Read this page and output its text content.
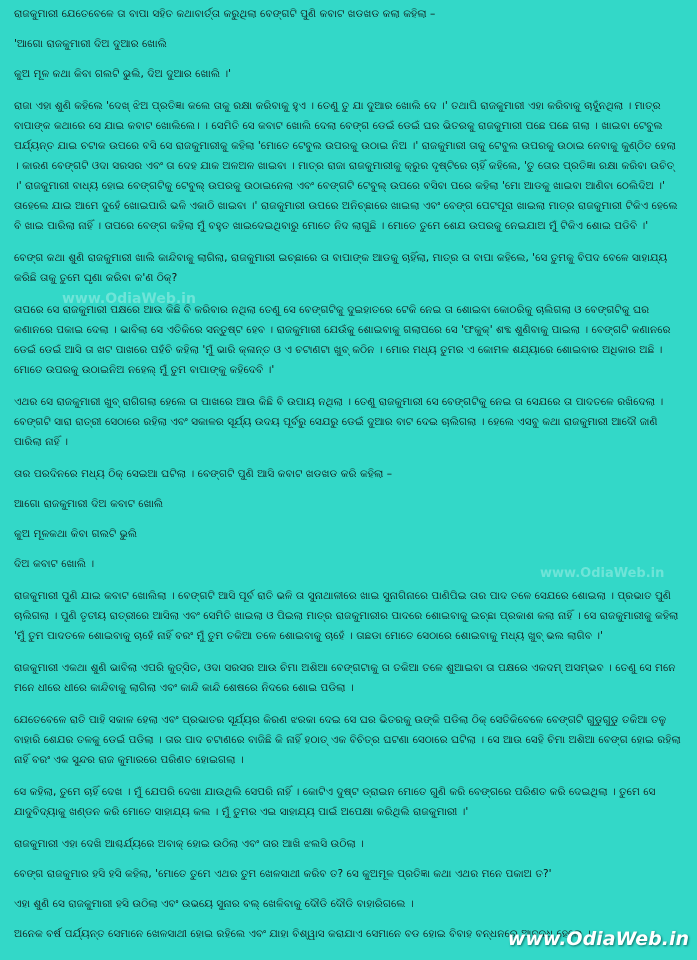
ରାଜକୁମାରୀ ଯେତେବେଳେ ତା ବାପା ସହିତ କଥାବାର୍ତ୍ତା କରୁଥିଲା ବେଙ୍ଗଟି ପୁଣି କବାଟ ଖଡଖଡ କଲା କହିଲା –

'ଆଗୋ ରାଜକୁମାରୀ ଦିଅ ଦୁଆର ଖୋଲି

କୁଅ ମୂଳ କଥା କିବା ଗଲଟି ଭୁଲି, ଦିଅ ଦୁଆର ଖୋଲି ।'

ରାଜା ଏହା ଶୁଣି କହିଲେ 'ଦେଖ୍ ଝିଅ ପ୍ରତିଜ୍ଞା କଲେ ତାକୁ ରକ୍ଷା କରିବାକୁ ହୁଏ । ତେଣୁ ତୁ ଯା ଦୁଆର ଖୋଲି ଦେ ।' ତଥାପି ରାଜକୁମାରୀ ଏହା କରିବାକୁ ଚାହୁଁନଥିଲା । ମାତ୍ର ବାପାଙ୍କ କଥାରେ ସେ ଯାଇ କବାଟ ଖୋଲିଲେ। । ସେମିତି ସେ କବାଟ ଖୋଲି ଦେଲା ବେଙ୍ଗ ଡେଇଁ ଡେଇଁ ଘର ଭିତରକୁ ରାଜକୁମାରୀ ପଛେ ପଛେ ଗଲା । ଖାଇବା ଟେବୁଲ ପର୍ଯ୍ୟନ୍ତ ଯାଇ ଚଟାକ ଉପରେ ବସି ସେ ରାଜକୁମାରୀକୁ କହିଲା 'ମୋତେ ଟେବୁଲ ଉପରକୁ ଉଠାଇ ନିଅ ।' ରାଜକୁମାରୀ ତାକୁ ଟେବୁଲ ଉପରକୁ ଉଠାଇ ନେବାକୁ କୁଣ୍ଠିତ ହେଲା । କାରଣ ବେଙ୍ଗଟି ଓଦା ସରସର ଏବଂ ତା ଦେହ ଯାକ ଅଳଅଳ ଖାଇବା । ମାତ୍ର ରାଜା ରାଜକୁମାରୀକୁ କ୍ରୁର ଦୃଷ୍ଟିରେ ଚାହିଁ କହିଲେ, 'ତୁ ତୋର ପ୍ରତିଜ୍ଞା ରକ୍ଷା କରିବା ଉଚିତ୍ ।' ରାଜକୁମାରୀ ବାଧ୍ୟ ହୋଇ ବେଙ୍ଗଟିକୁ ଟେବୁଲ୍ ଉପରକୁ ଉଠାଇନେଲା ଏବଂ ବେଙ୍ଗଟି ଟେବୁଲ୍ ଉପରେ ବସିବା ପରେ କହିଲା 'ମୋ ଆଡକୁ ଖାଇବା ଆଣିବା ଠେଲିଦିଅ ।' ତାହେଲେ ଯାଇ ଆମେ ଦୁହେଁ ଖୋଇପାରି ଭଳି ଏକାଠି ଖାଇବା ।' ରାଜକୁମାରୀ ଉପରେ ଅନିଚ୍ଛାରେ ଖାଇଲା ଏବଂ ବେଙ୍ଗ ପେଟପୂରା ଖାଇଲା ମାତ୍ର ରାଜକୁମାରୀ ଟିକିଏ ହେଲେ ବି ଖାଇ ପାରିଲା ନାହିଁ । ତାପରେ ବେଙ୍ଗ କହିଲା ମୁଁ ବହୁତ ଖାଇଦେଇଥିବାରୁ ମୋତେ ନିଦ ଲାଗୁଛି । ମୋତେ ତୁମେ ଶେଯ ଉପରକୁ ନେଇଯାଅ ମୁଁ ଟିକିଏ ଶୋଇ ପଡିବି ।'

ବେଙ୍ଗ କଥା ଶୁଣି ରାଜକୁମାରୀ ଖାଲି କାନ୍ଦିବାକୁ ଲାଗିଲା, ରାଜକୁମାରୀ ଇଚ୍ଛାରେ ତା ବାପାଙ୍କ ଆଡକୁ ଚାହିଁଲା, ମାତ୍ର ତା ବାପା କହିଲେ, 'ସେ ତୁମକୁ ବିପଦ ବେଳେ ସାହାଯ୍ୟ କରିଛି ତାକୁ ତୁମେ ଘୃଣା କରିବା କ'ଣ ଠିକ୍?

ତାପରେ ସେ ରାଜକୁମାରୀ ପକ୍ଷରେ ଆଉ କିଛି ବି କରିବାର ନଥିଲା ତେଣୁ ସେ ବେଙ୍ଗଟିକୁ ଦୁଇହାତରେ ଟେକି ନେଇ ତା ଶୋଇବା କୋଠରିକୁ ଚାଲିଗଲା ଓ ବେଙ୍ଗଟିକୁ ଘର କଣାନରେ ପକାଇ ଦେଲା । ଭାବିଲା ସେ ଏତିକିରେ ସନ୍ତୁଷ୍ଟ ହେବ । ରାଜକୁମାରୀ ଯେଉଁକୁ ଶୋଇବାକୁ ଗଲାପରେ ସେ 'ଫକୁକ୍' ଶବ୍ଦ ଶୁଣିବାକୁ ପାଇଲା । ବେଙ୍ଗଟି କଣାନରେ ଡେଇଁ ଡେଇଁ ଆସି ତା ଖଟ ପାଖରେ ପହଁଚି କହିଲା 'ମୁଁ ଭାରି କ୍ଳାନ୍ତ ଓ ଏ ଚଟାଣଟା ଖୁବ୍ କଠିନ । ମୋର ମଧ୍ୟ ତୁମର ଏ କୋମଳ ଶଯ୍ୟାରେ ଶୋଇବାର ଅଧିକାର ଅଛି । ମୋତେ ଉପରକୁ ଉଠାଇନିଅ ନହେଲ୍ ମୁଁ ତୁମ ବାପାଙ୍କୁ କହିଦେବି ।'

ଏଥର ସେ ରାଜକୁମାରୀ ଖୁବ୍ ରାଗିଗଲା ହେଲେ ତା ପାଖରେ ଆଉ କିଛି ବି ଉପାୟ ନଥିଲା । ତେଣୁ ରାଜକୁମାରୀ ସେ ବେଙ୍ଗଟିକୁ ନେଇ ତା ସେଯରେ ତା ପାଦତଳେ ରଖିଦେଲା । ବେଙ୍ଗଟି ସାରା ରାତ୍ରୀ ସେଠାରେ ରହିଲା ଏବଂ ସକାଳର ସୂର୍ଯ୍ୟ ଉଦୟ ପୂର୍ବରୁ ସେଯରୁ ଡେଇଁ ଦୁଆର ବାଟ ଦେଇ ଚାଲିଗଲା । ହେଲେ ଏସବୁ କଥା ରାଜକୁମାରୀ ଆଦୌ ଜାଣି ପାରିଲା ନାହିଁ ।

ତାର ପରଦିନରେ ମଧ୍ୟ ଠିକ୍ ସେଇଆ ଘଟିଲା । ବେଙ୍ଗଟି ପୁଣି ଆସି କବାଟ ଖଡଖଡ କରି କହିଲା –

ଆଗୋ ରାଜକୁମାରୀ ଦିଅ କବାଟ ଖୋଲି

କୁଅ ମୂଳକଥା କିବା ଗଲଟି ଭୁଲି

ଦିଅ କବାଟ ଖୋଲି ।

ରାଜକୁମାରୀ ପୁଣି ଯାଇ କବାଟ ଖୋଲିଲା । ବେଙ୍ଗଟି ଆସି ପୂର୍ବ ରାତି ଭଳି ତା ସୁନାଥାଳୀରେ ଖାଇ ସୁନାଗିନାରେ ପାଣିପିଇ ତାର ପାଦ ତଳେ ସେଯରେ ଶୋଇଲା । ପ୍ରଭାତ ପୁଣି ଚାଲିଗଲା । ପୁଣି ତୃତୀୟ ରାତ୍ରୀରେ ଆସିଲା ଏବଂ ସେମିତି ଖାଇଲା ଓ ପିଇଲା ମାତ୍ର ରାଜକୁମାରୀର ପାଦରେ ଶୋଇବାକୁ ଇଚ୍ଛା ପ୍ରକାଶ କଲା ନାହିଁ । ସେ ରାଜକୁମାରୀକୁ କହିଲା 'ମୁଁ ତୁମ ପାଦତଳେ ଶୋଇବାକୁ ଚାହେଁ ନାହିଁ ବରଂ ମୁଁ ତୁମ ତକିଆ ତଳେ ଶୋଇବାକୁ ଚାହେଁ । ତାଛଡା ମୋତେ ସେଠାରେ ଶୋଇବାକୁ ମଧ୍ୟ ଖୁବ୍ ଭଲ ଲାଗିବ ।'

ରାଜକୁମାରୀ ଏକଥା ଶୁଣି ଭାବିଲା ଏପରି କୁତ୍ସିତ, ଓଦା ସରସର ଆଉ ଚିମା ଅଶିଆ ବେଙ୍ଗଟାକୁ ତା ତକିଆ ତଳେ ଶୁଆଇବା ତା ପକ୍ଷରେ ଏକଦମ୍ ଅସମ୍ଭବ । ତେଣୁ ସେ ମନେ ମନେ ଧୀରେ ଧୀରେ କାନ୍ଦିବାକୁ ଲାଗିଲା ଏବଂ କାନ୍ଦି କାନ୍ଦି ଶେଷରେ ନିଦରେ ଶୋଇ ପଡିଲା ।

ଯେତେବେଳେ ରାତି ପାହି ସକାଳ ହେଲା ଏବଂ ପ୍ରଭାତର ସୂର୍ଯ୍ୟର କିରଣ ଝରକା ଦେଇ ସେ ଘର ଭିତରକୁ ଉଙ୍କି ପଡିଲା ଠିକ୍ ସେତିକିବେଳେ ବେଙ୍ଗଟି ଗୁଡୁଗୁଡୁ ତକିଆ ତଳୁ ବାହାରି ଶେଯର ତଳକୁ ଡେଇଁ ପଡିଲା । ତାର ପାଦ ଚଟାଣରେ ବାଜିଛି କି ନାହିଁ ହଠାତ୍ ଏକ ବିଚିତ୍ର ଘଟଣା ସେଠାରେ ଘଟିଲା । ସେ ଆଉ ସେହି ଚିମା ଅଶିଆ ବେଙ୍ଗ ହୋଇ ରହିଲା ନାହିଁ ବରଂ ଏକ ସୁନ୍ଦର ରାଜ କୁମାରରେ ପରିଣତ ହୋଇଗଲା ।

ସେ କହିଲା, ତୁମେ ଚାହିଁ ଦେଖ । ମୁଁ ଯେପରି ଦେଖା ଯାଉଥିଲି ସେପରି ନାହିଁ । କୋଟିଏ ଦୁଷ୍ଟ ଡ୍ରାଇନ ମୋତେ ଗୁଣି କରି ବେଙ୍ଗରେ ପରିଣତ କରି ଦେଇଥିଲା । ତୁମେ ସେ ଯାଦୁବିଦ୍ୟାକୁ ଖଣ୍ଡନ କରି ମୋତେ ସାହାଯ୍ୟ କଲ । ମୁଁ ତୁମର ଏଇ ସାହାଯ୍ୟ ପାଇଁ ଅପେକ୍ଷା କରିଥିଲି ରାଜକୁମାରୀ ।'

ରାଜକୁମାରୀ ଏହା ଦେଖି ଆଶ୍ଚର୍ଯ୍ୟରେ ଅବାକ୍ ହୋଇ ଉଠିଲା ଏବଂ ତାର ଆଖି ଝଲସି ଉଠିଲା ।

ବେଙ୍ଗ ରାଜକୁମାର ହସି ହସି କହିଲା, 'ମୋତେ ତୁମେ ଏଥର ତୁମ ଖେଳସାଥୀ କରିବ ତ? ସେ କୁଅମୂଳ ପ୍ରତିଜ୍ଞା କଥା ଏଥର ମନେ ପକାଅ ତ?'

ଏହା ଶୁଣି ସେ ରାଜକୁମାରୀ ହସି ଉଠିଲା ଏବଂ ଉଭୟେ ସୁନାର ବଲ୍ ଖେଳିବାକୁ ଦୌଡି ଦୌଡି ବାହାରିଗଲେ ।

ଅନେକ ବର୍ଷ ପର୍ଯ୍ୟନ୍ତ ସେମାନେ ଖେଳସାଥୀ ହୋଇ ରହିଲେ ଏବଂ ଯାହା ବିଶ୍ୱାସ କରାଯାଏ ସେମାନେ ବଡ ହୋଇ ବିବାହ ବନ୍ଧନରେ ଆବଦ୍ଧ ହେଲେ ।

www.OdiaWeb.in
www.OdiaWeb.in
www.OdiaWeb.in
